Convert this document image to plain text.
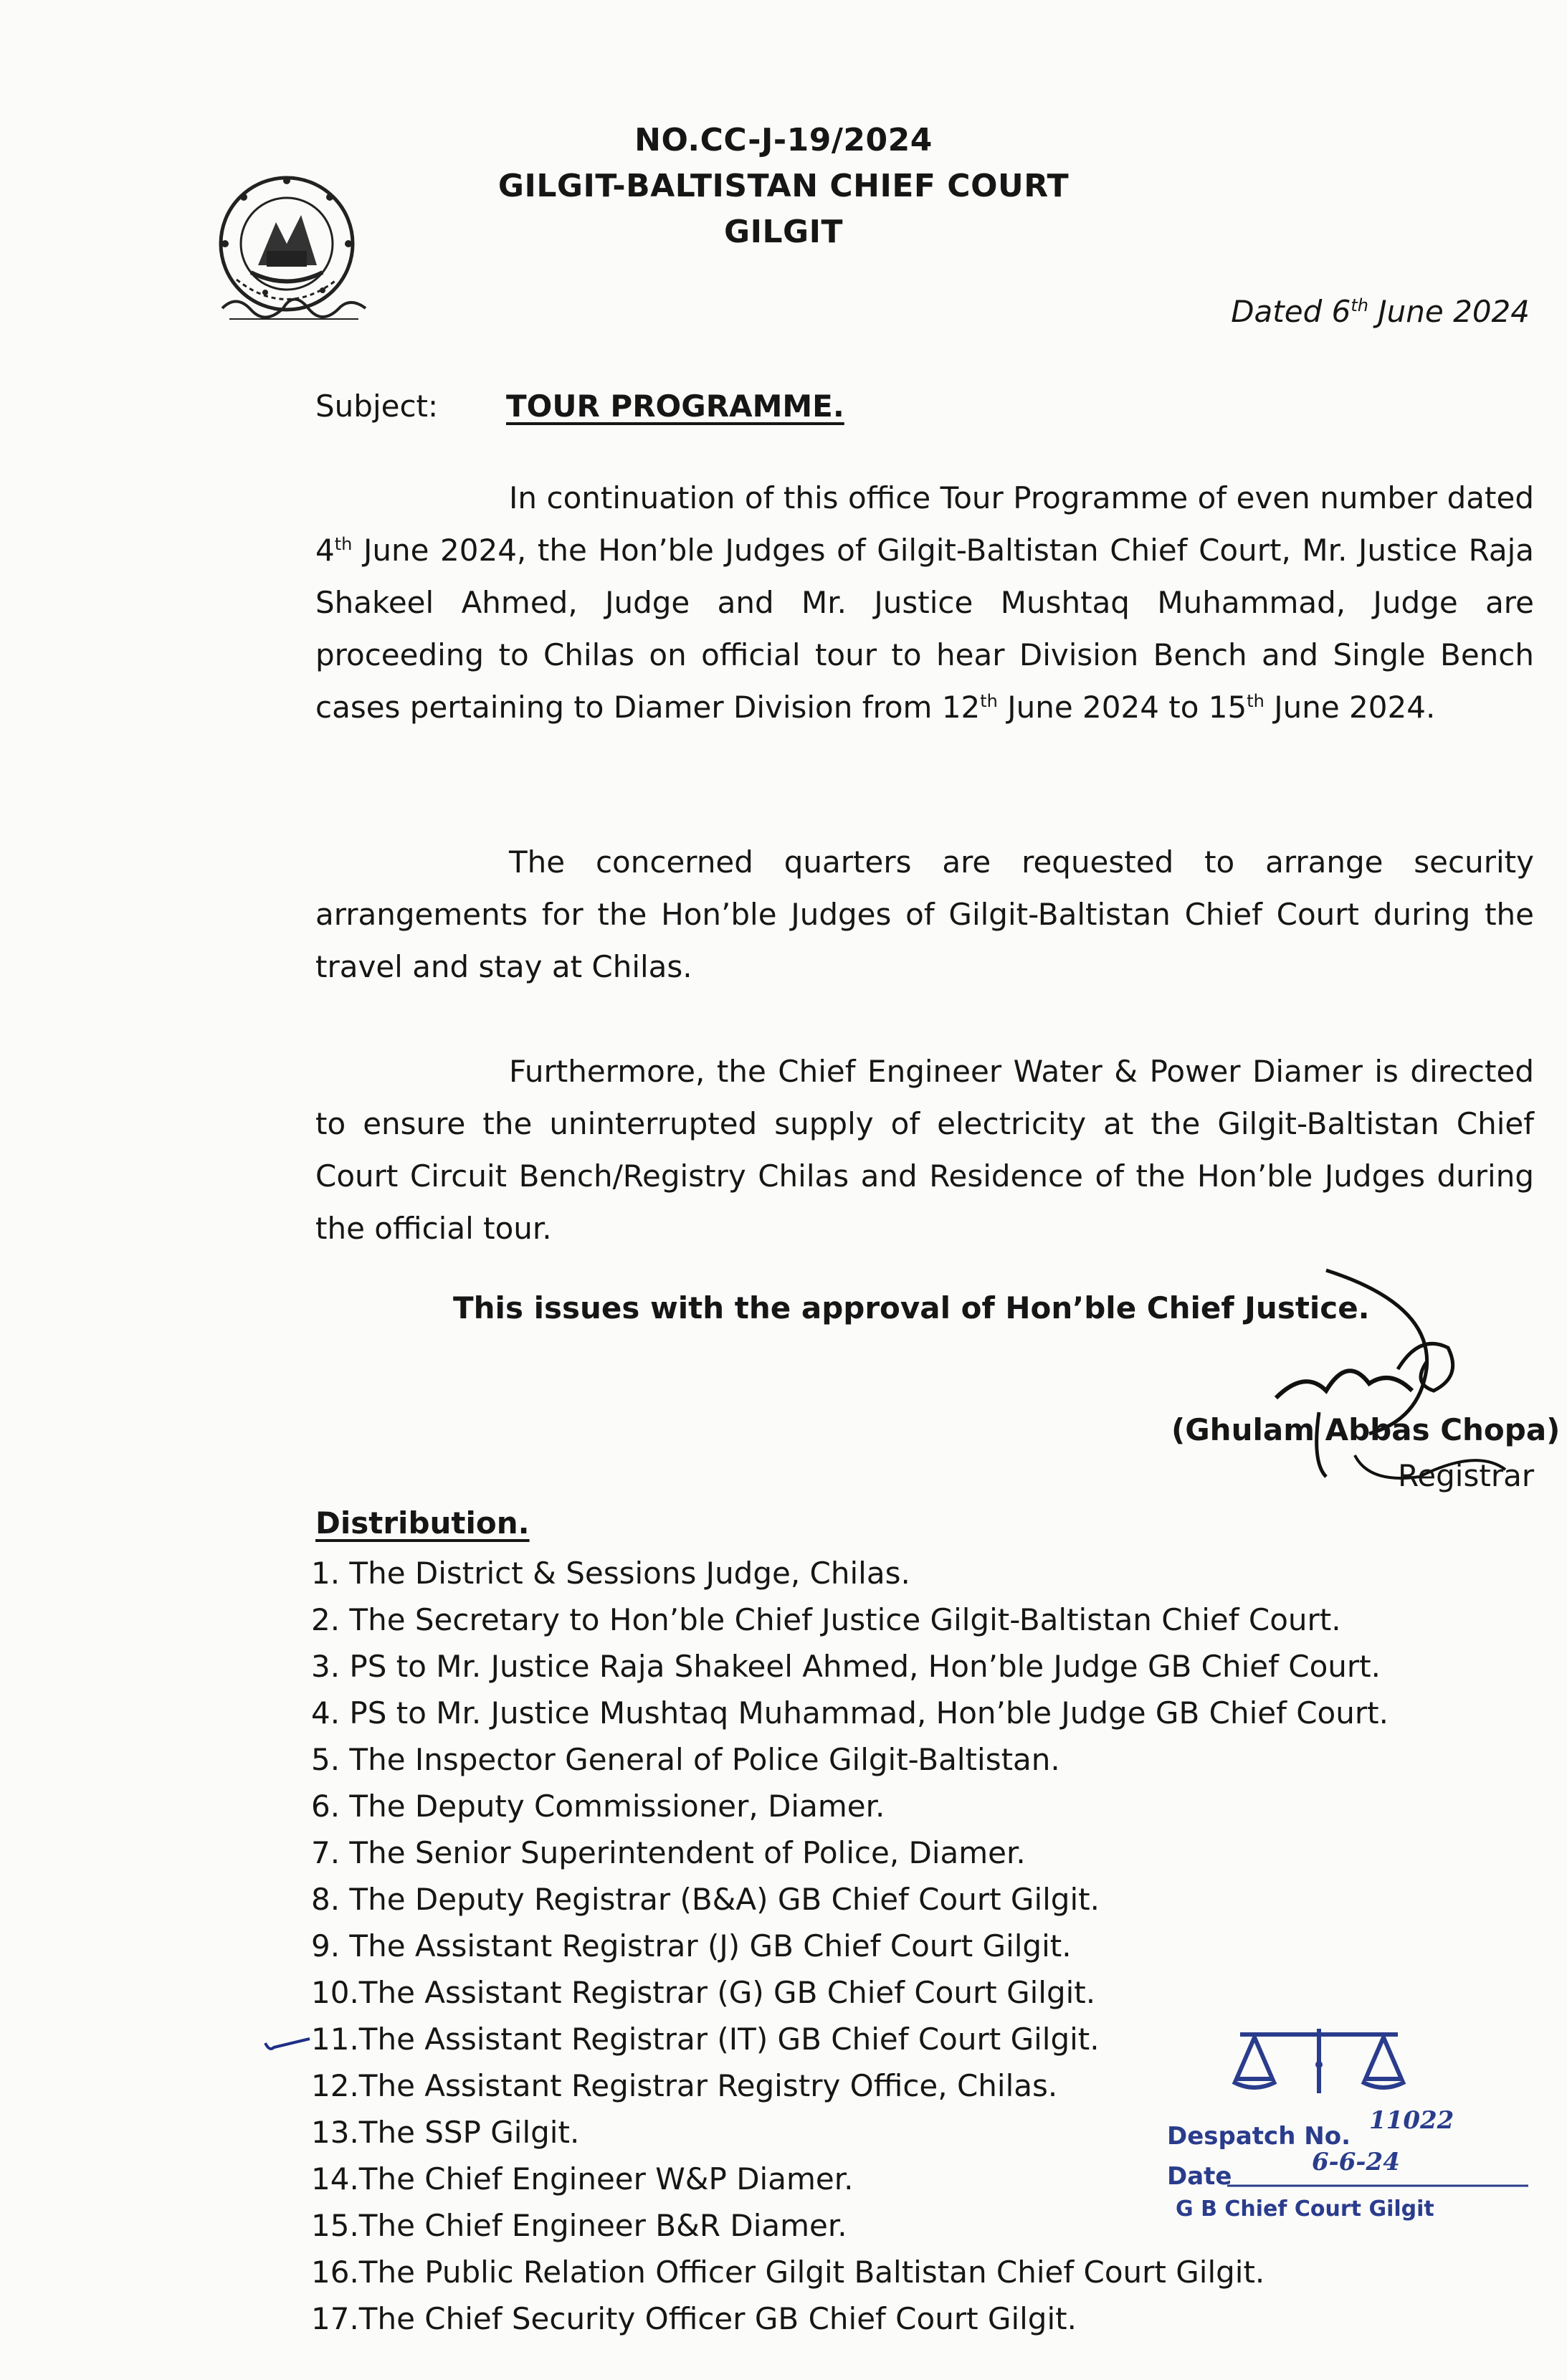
NO.CC-J-19/2024
GILGIT-BALTISTAN CHIEF COURT
GILGIT
Dated 6th June 2024
Subject: TOUR PROGRAMME.
In continuation of this office Tour Programme of even number dated 4th June 2024, the Hon’ble Judges of Gilgit-Baltistan Chief Court, Mr. Justice Raja Shakeel Ahmed, Judge and Mr. Justice Mushtaq Muhammad, Judge are proceeding to Chilas on official tour to hear Division Bench and Single Bench cases pertaining to Diamer Division from 12th June 2024 to 15th June 2024.
The concerned quarters are requested to arrange security arrangements for the Hon’ble Judges of Gilgit-Baltistan Chief Court during the travel and stay at Chilas.
Furthermore, the Chief Engineer Water & Power Diamer is directed to ensure the uninterrupted supply of electricity at the Gilgit-Baltistan Chief Court Circuit Bench/Registry Chilas and Residence of the Hon’ble Judges during the official tour.
This issues with the approval of Hon’ble Chief Justice.
(Ghulam Abbas Chopa)
Registrar
Distribution.
1. The District & Sessions Judge, Chilas.
2. The Secretary to Hon’ble Chief Justice Gilgit-Baltistan Chief Court.
3. PS to Mr. Justice Raja Shakeel Ahmed, Hon’ble Judge GB Chief Court.
4. PS to Mr. Justice Mushtaq Muhammad, Hon’ble Judge GB Chief Court.
5. The Inspector General of Police Gilgit-Baltistan.
6. The Deputy Commissioner, Diamer.
7. The Senior Superintendent of Police, Diamer.
8. The Deputy Registrar (B&A) GB Chief Court Gilgit.
9. The Assistant Registrar (J) GB Chief Court Gilgit.
10.The Assistant Registrar (G) GB Chief Court Gilgit.
11.The Assistant Registrar (IT) GB Chief Court Gilgit.
12.The Assistant Registrar Registry Office, Chilas.
13.The SSP Gilgit.
14.The Chief Engineer W&P Diamer.
15.The Chief Engineer B&R Diamer.
16.The Public Relation Officer Gilgit Baltistan Chief Court Gilgit.
17.The Chief Security Officer GB Chief Court Gilgit.
Despatch No.
11022
Date	6-6-24
G B Chief Court Gilgit
